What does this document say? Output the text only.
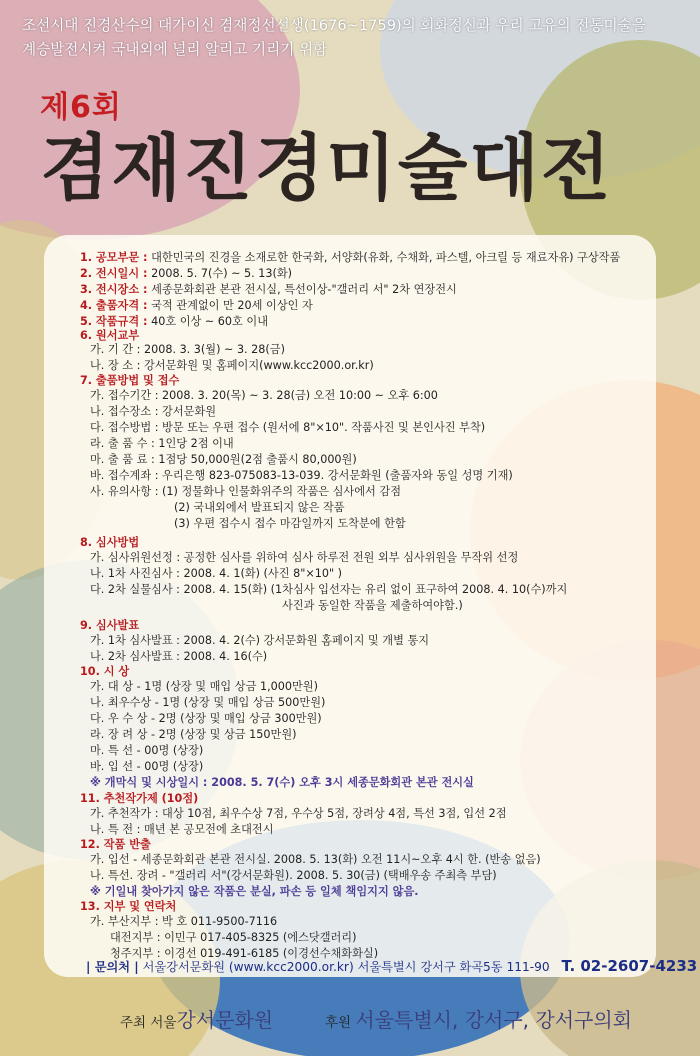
조선시대 진경산수의 대가이신 겸재정선선생(1676~1759)의 회화정신과 우리 고유의 전통미술을
계승발전시켜 국내외에 널리 알리고 기리기 위함
제6회
겸재진경미술대전
1. 공모부문 : 대한민국의 진경을 소재로한 한국화, 서양화(유화, 수채화, 파스텔, 아크릴 등 재료자유) 구상작품
2. 전시일시 : 2008. 5. 7(수) ~ 5. 13(화)
3. 전시장소 : 세종문화회관 본관 전시실, 특선이상-"갤러리 서" 2차 연장전시
4. 출품자격 : 국적 관계없이 만 20세 이상인 자
5. 작품규격 : 40호 이상 ~ 60호 이내
6. 원서교부
가. 기 간 : 2008. 3. 3(월) ~ 3. 28(금)
나. 장 소 : 강서문화원 및 홈페이지(www.kcc2000.or.kr)
7. 출품방법 및 접수
가. 접수기간 : 2008. 3. 20(목) ~ 3. 28(금) 오전 10:00 ~ 오후 6:00
나. 접수장소 : 강서문화원
다. 접수방법 : 방문 또는 우편 접수 (원서에 8"×10". 작품사진 및 본인사진 부착)
라. 출 품 수 : 1인당 2점 이내
마. 출 품 료 : 1점당 50,000원(2점 출품시 80,000원)
바. 접수계좌 : 우리은행 823-075083-13-039. 강서문화원 (출품자와 동일 성명 기재)
사. 유의사항 : (1) 정물화나 인물화위주의 작품은 심사에서 감점
(2) 국내외에서 발표되지 않은 작품
(3) 우편 접수시 접수 마감일까지 도착분에 한함
8. 심사방법
가. 심사위원선정 : 공정한 심사를 위하여 심사 하루전 전원 외부 심사위원을 무작위 선정
나. 1차 사진심사 : 2008. 4. 1(화) (사진 8"×10" )
다. 2차 실물심사 : 2008. 4. 15(화) (1차심사 입선자는 유리 없이 표구하여 2008. 4. 10(수)까지
사진과 동일한 작품을 제출하여야함.)
9. 심사발표
가. 1차 심사발표 : 2008. 4. 2(수) 강서문화원 홈페이지 및 개별 통지
나. 2차 심사발표 : 2008. 4. 16(수)
10. 시 상
가. 대 상 - 1명 (상장 및 매입 상금 1,000만원)
나. 최우수상 - 1명 (상장 및 매입 상금 500만원)
다. 우 수 상 - 2명 (상장 및 매입 상금 300만원)
라. 장 려 상 - 2명 (상장 및 상금 150만원)
마. 특 선 - 00명 (상장)
바. 입 선 - 00명 (상장)
※ 개막식 및 시상일시 : 2008. 5. 7(수) 오후 3시 세종문화회관 본관 전시실
11. 추천작가제 (10점)
가. 추천작가 : 대상 10점, 최우수상 7점, 우수상 5점, 장려상 4점, 특선 3점, 입선 2점
나. 특 전 : 매년 본 공모전에 초대전시
12. 작품 반출
가. 입선 - 세종문화회관 본관 전시실. 2008. 5. 13(화) 오전 11시~오후 4시 한. (반송 없음)
나. 특선. 장려 - "갤러리 서"(강서문화원). 2008. 5. 30(금) (택배우송 주최측 부담)
※ 기일내 찾아가지 않은 작품은 분실, 파손 등 일체 책임지지 않음.
13. 지부 및 연락처
가. 부산지부 : 박 호 011-9500-7116
대전지부 : 이민구 017-405-8325 (에스닷갤러리)
청주지부 : 이경선 019-491-6185 (이경선수채화화실)
| 문의처 | 서울강서문화원 (www.kcc2000.or.kr) 서울특별시 강서구 화곡5동 111-90 T. 02-2607-4233
주최 서울강서문화원	후원 서울특별시, 강서구, 강서구의회
